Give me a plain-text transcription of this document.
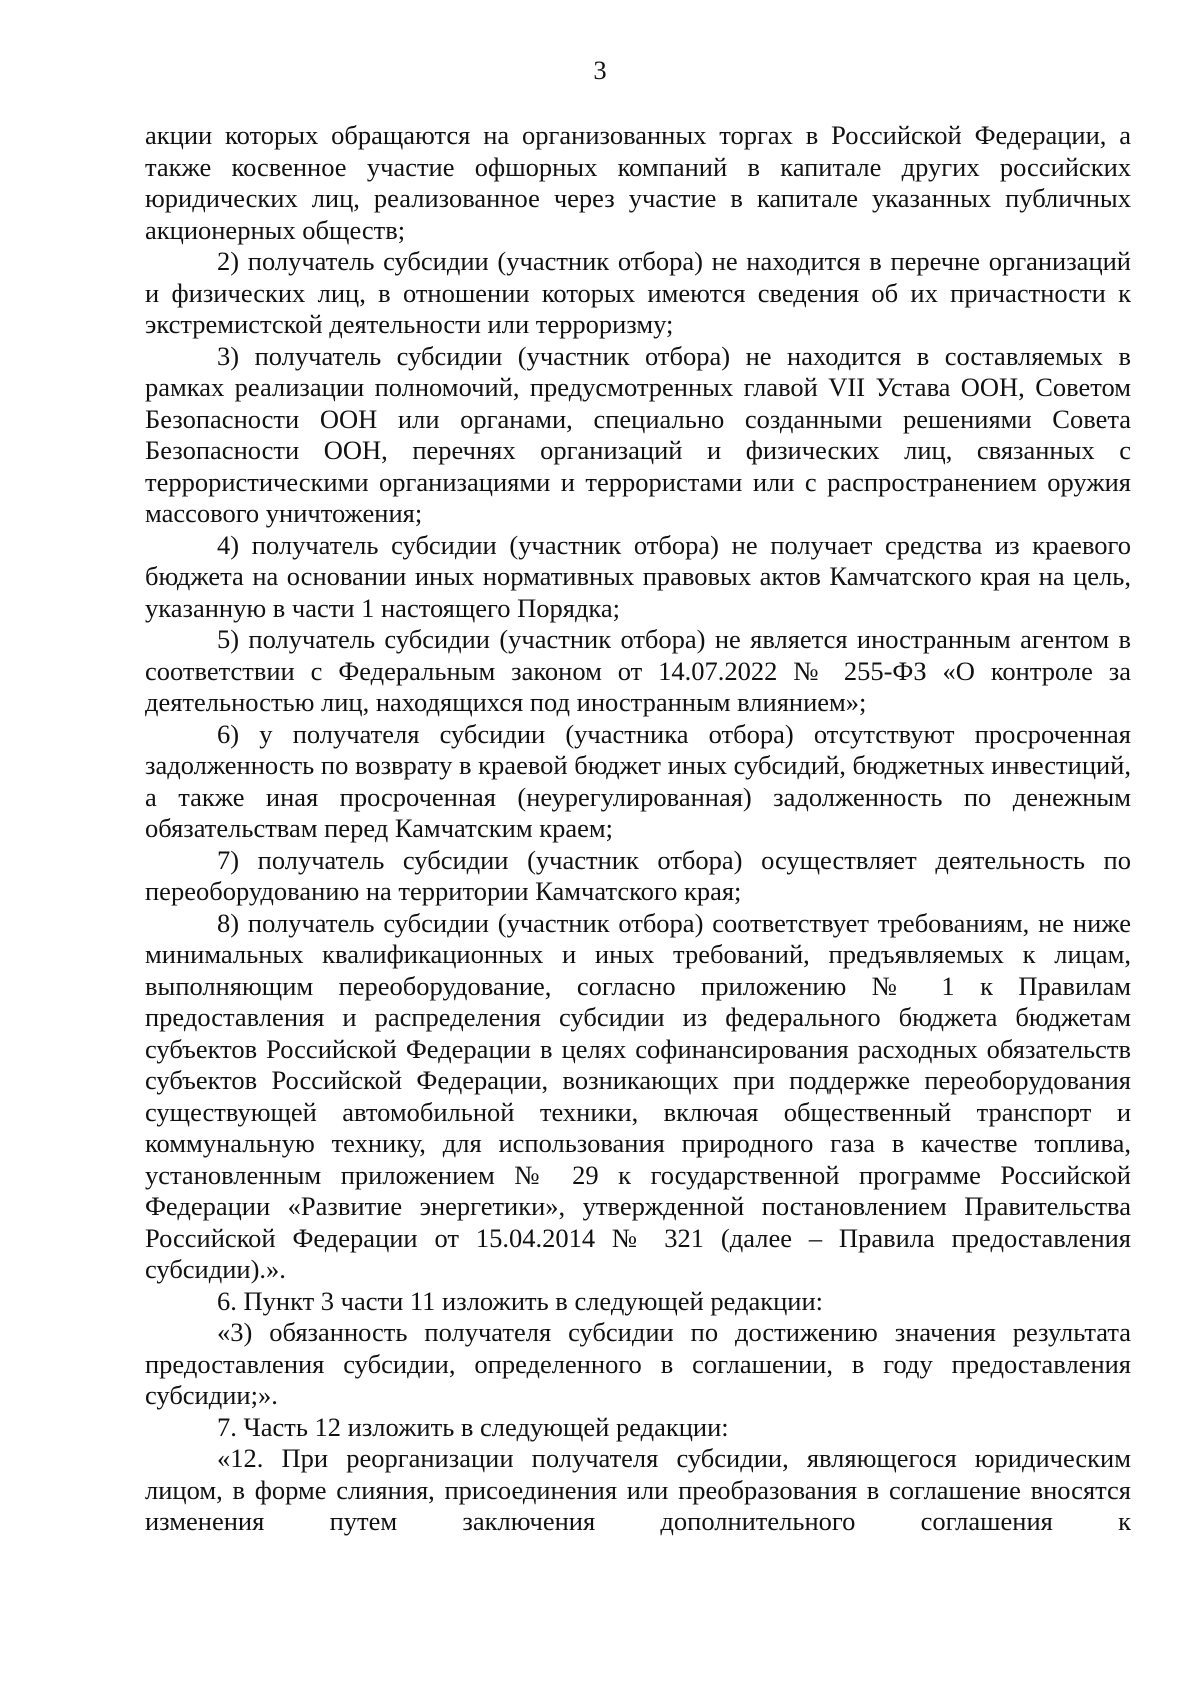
3

акции которых обращаются на организованных торгах в Российской Федерации, а также косвенное участие офшорных компаний в капитале других российских юридических лиц, реализованное через участие в капитале указанных публичных акционерных обществ;

2) получатель субсидии (участник отбора) не находится в перечне организаций и физических лиц, в отношении которых имеются сведения об их причастности к экстремистской деятельности или терроризму;

3) получатель субсидии (участник отбора) не находится в составляемых в рамках реализации полномочий, предусмотренных главой VII Устава ООН, Советом Безопасности ООН или органами, специально созданными решениями Совета Безопасности ООН, перечнях организаций и физических лиц, связанных с террористическими организациями и террористами или с распространением оружия массового уничтожения;

4) получатель субсидии (участник отбора) не получает средства из краевого бюджета на основании иных нормативных правовых актов Камчатского края на цель, указанную в части 1 настоящего Порядка;

5) получатель субсидии (участник отбора) не является иностранным агентом в соответствии с Федеральным законом от 14.07.2022 № 255-ФЗ «О контроле за деятельностью лиц, находящихся под иностранным влиянием»;

6) у получателя субсидии (участника отбора) отсутствуют просроченная задолженность по возврату в краевой бюджет иных субсидий, бюджетных инвестиций, а также иная просроченная (неурегулированная) задолженность по денежным обязательствам перед Камчатским краем;

7) получатель субсидии (участник отбора) осуществляет деятельность по переоборудованию на территории Камчатского края;

8) получатель субсидии (участник отбора) соответствует требованиям, не ниже минимальных квалификационных и иных требований, предъявляемых к лицам, выполняющим переоборудование, согласно приложению № 1 к Правилам предоставления и распределения субсидии из федерального бюджета бюджетам субъектов Российской Федерации в целях софинансирования расходных обязательств субъектов Российской Федерации, возникающих при поддержке переоборудования существующей автомобильной техники, включая общественный транспорт и коммунальную технику, для использования природного газа в качестве топлива, установленным приложением № 29 к государственной программе Российской Федерации «Развитие энергетики», утвержденной постановлением Правительства Российской Федерации от 15.04.2014 № 321 (далее – Правила предоставления субсидии).».

6. Пункт 3 части 11 изложить в следующей редакции:

«3) обязанность получателя субсидии по достижению значения результата предоставления субсидии, определенного в соглашении, в году предоставления субсидии;».

7. Часть 12 изложить в следующей редакции:

«12. При реорганизации получателя субсидии, являющегося юридическим лицом, в форме слияния, присоединения или преобразования в соглашение вносятся изменения путем заключения дополнительного соглашения к
